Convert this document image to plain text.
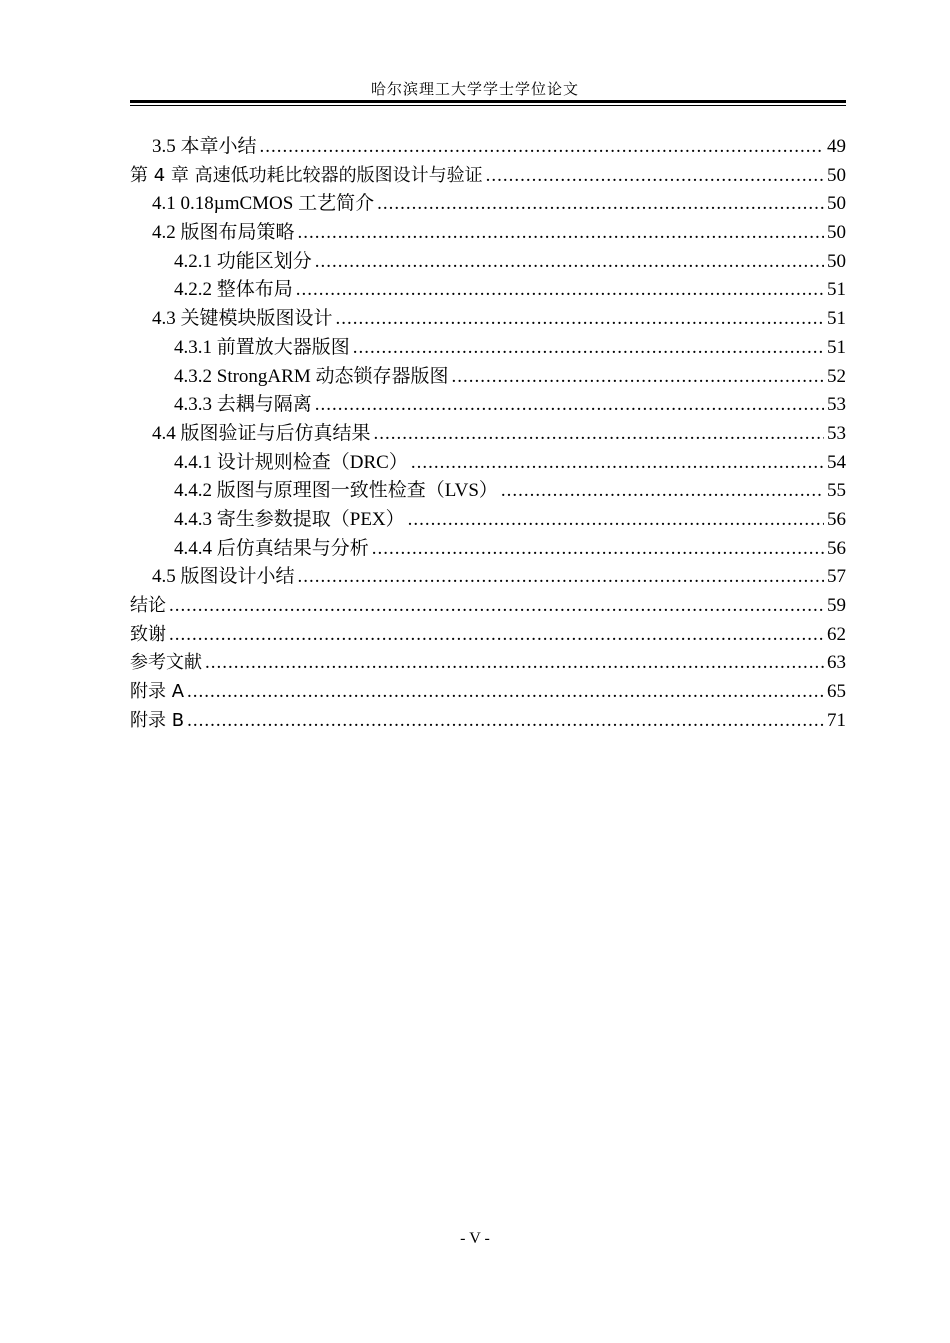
哈尔滨理工大学学士学位论文
3.5 本章小结 .....	49
第 4 章 高速低功耗比较器的版图设计与验证 .....	50
4.1 0.18µmCMOS 工艺简介 .....	50
4.2 版图布局策略 .....	50
4.2.1 功能区划分 .....	50
4.2.2 整体布局 .....	51
4.3 关键模块版图设计 .....	51
4.3.1 前置放大器版图 .....	51
4.3.2 StrongARM 动态锁存器版图 .....	52
4.3.3 去耦与隔离 .....	53
4.4 版图验证与后仿真结果 .....	53
4.4.1 设计规则检查（DRC） .....	54
4.4.2 版图与原理图一致性检查（LVS） .....	55
4.4.3 寄生参数提取（PEX） .....	56
4.4.4 后仿真结果与分析 .....	56
4.5 版图设计小结 .....	57
结论 .....	59
致谢 .....	62
参考文献 .....	63
附录 A .....	65
附录 B .....	71
- V -
